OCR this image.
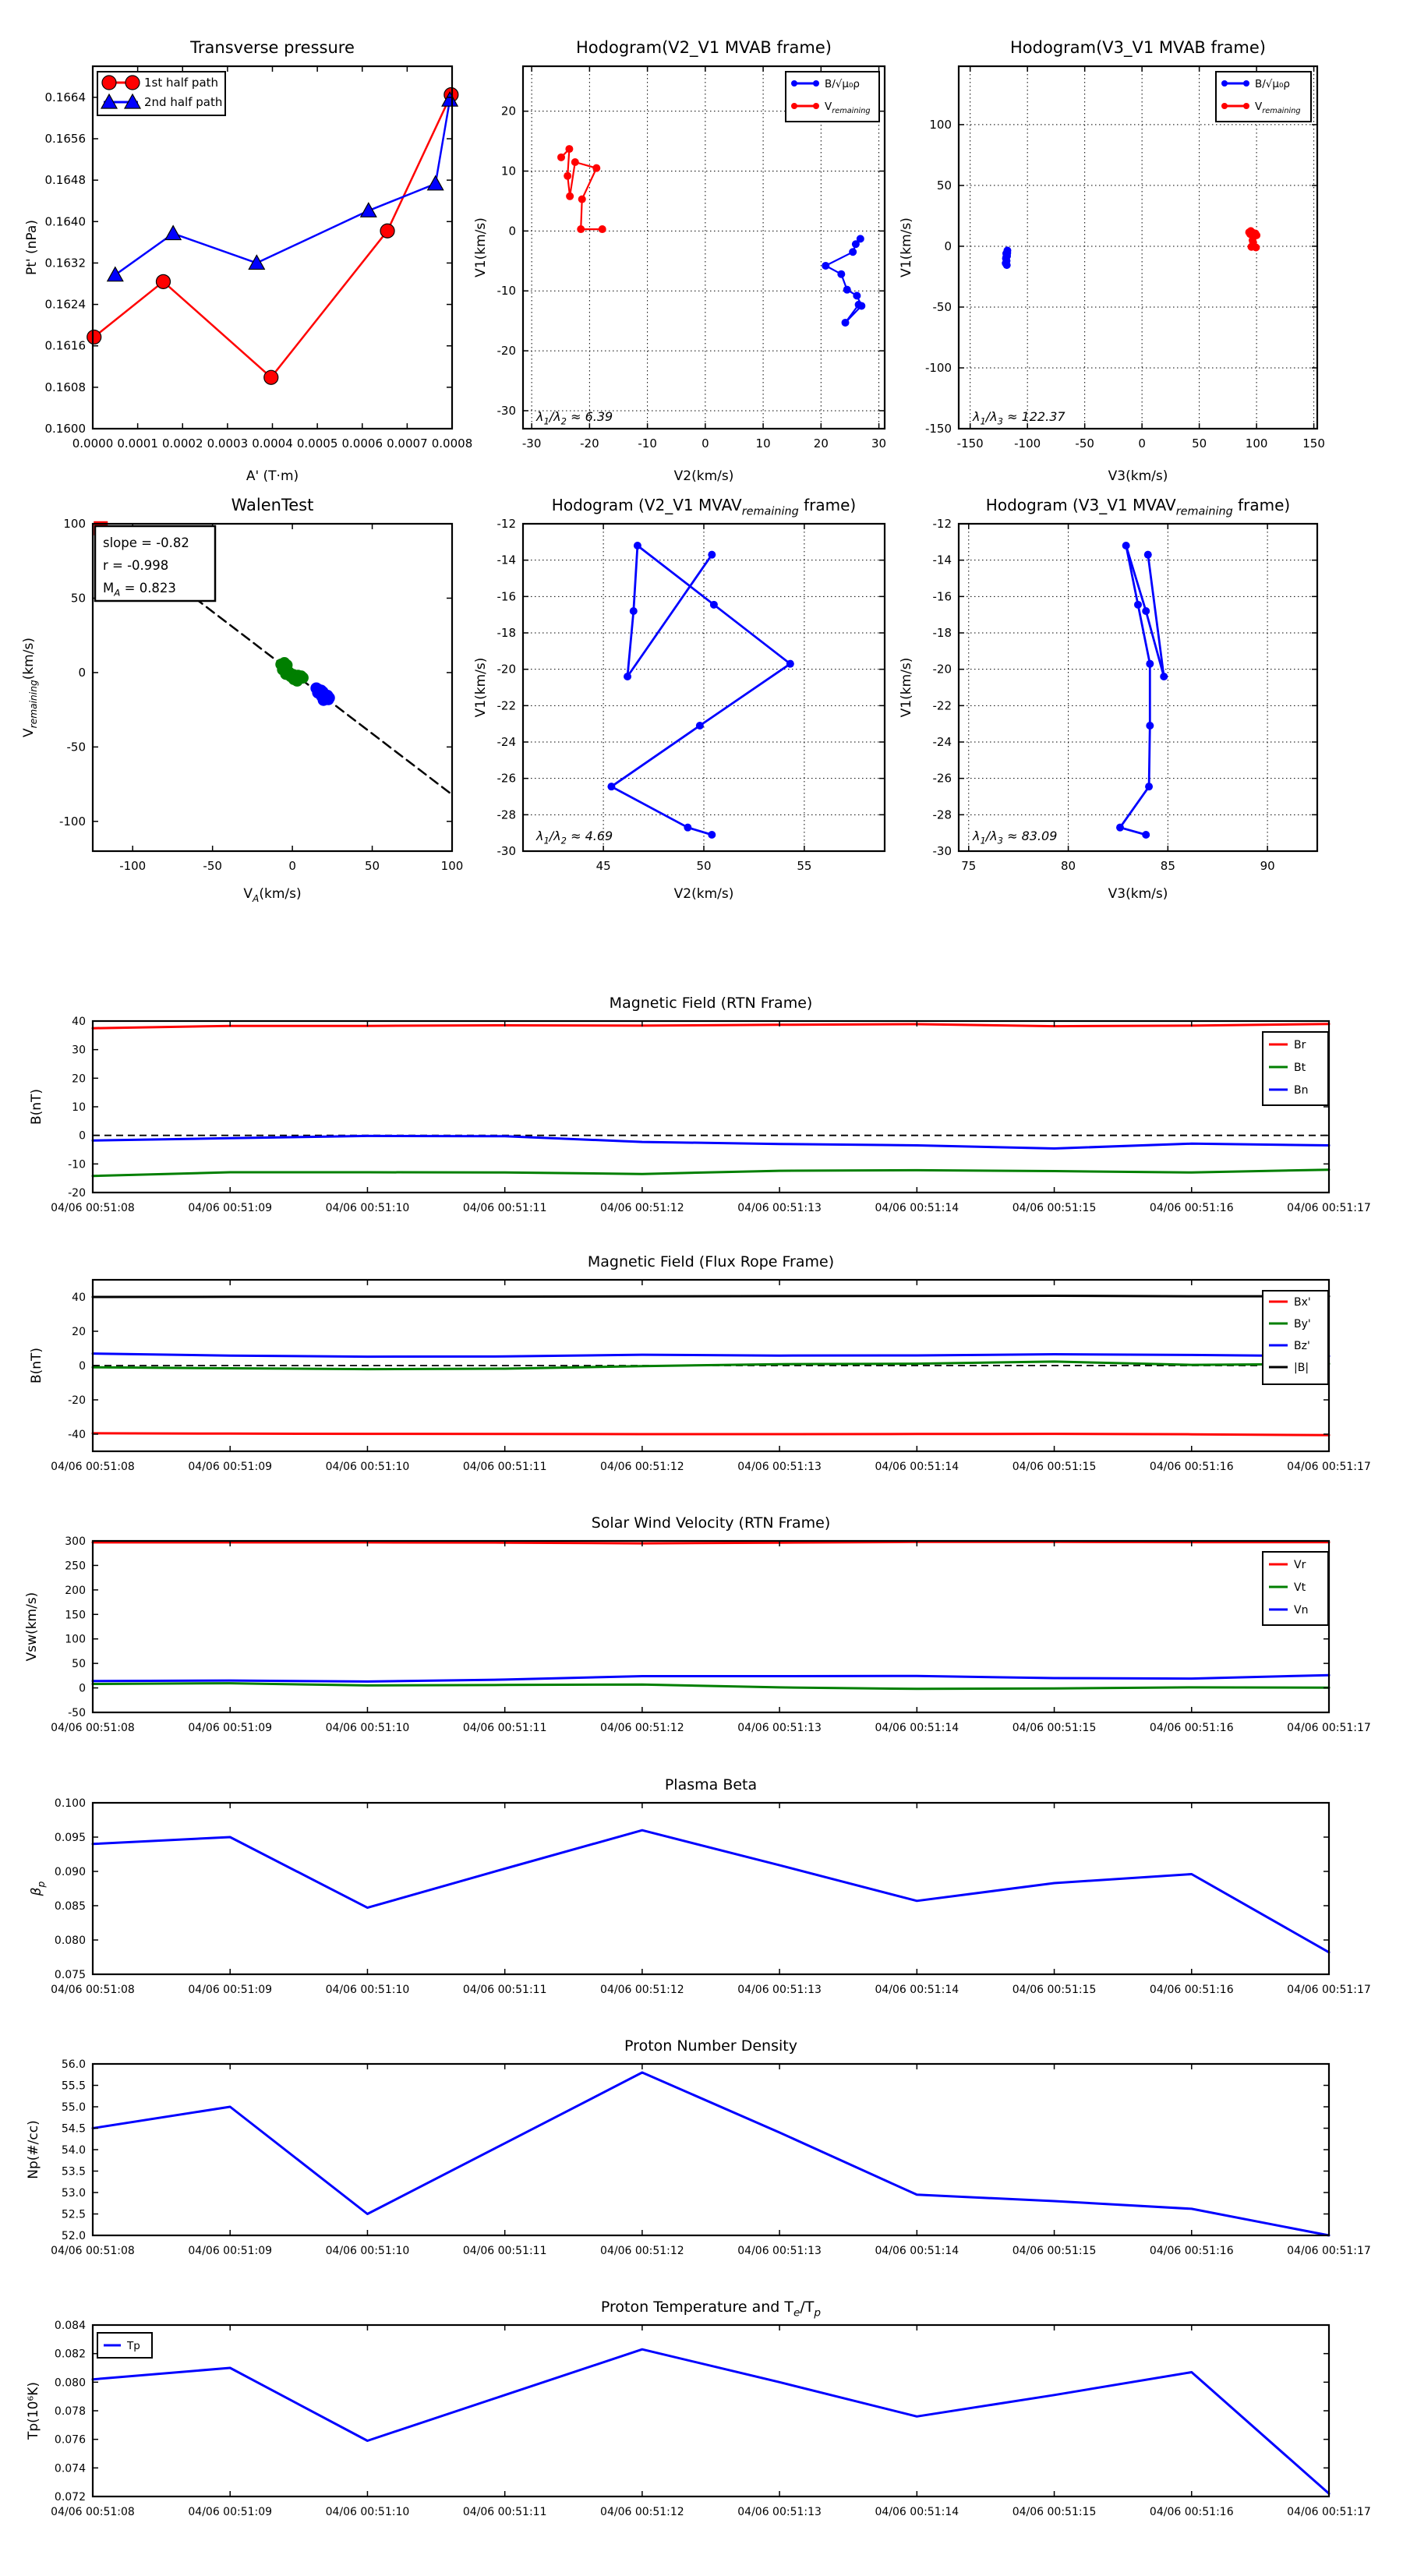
0.0000 0.0001 0.0002 0.0003 0.0004 0.0005 0.0006 0.0007 0.0008
0.1600
0.1608
0.1616
0.1624
0.1632
0.1640
0.1648
0.1656
0.1664
Transverse pressure
A' (T·m)
Pt' (nPa)
1st half path
2nd half path
-30	-20	-10	0	10	20	30
20
10
0
-10
-20
-30
Hodogram(V2_V1 MVAB frame)
V2(km/s)
V1(km/s)
B/√μ₀ρ
$V_{remaining}$
$\lambda_1/\lambda_2 \approx 6.39$
-150	-100	-50	0	50	100	150
100
50
0
-50
-100
-150
Hodogram(V3_V1 MVAB frame)
V3(km/s)
V1(km/s)
B/√μ₀ρ
$V_{remaining}$
$\lambda_1/\lambda_3 \approx 122.37$
-100	-50	0	50	100
100
50
0
-50
-100
WalenTest
$V_A(km/s)$
$V_{remaining}(km/s)$
slope = -0.82
r = -0.998
$M_A = 0.823$
45	50	55
-12
-14
-16
-18
-20
-22
-24
-26
-28
-30
Hodogram (V2_V1 $MVAV_{remaining}$ frame)
V2(km/s)
V1(km/s)
$\lambda_1/\lambda_2 \approx 4.69$
75	80	85	90
-12
-14
-16
-18
-20
-22
-24
-26
-28
-30
Hodogram (V3_V1 $MVAV_{remaining}$ frame)
V3(km/s)
V1(km/s)
$\lambda_1/\lambda_3 \approx 83.09$
04/06 00:51:08	04/06 00:51:09	04/06 00:51:10	04/06 00:51:11	04/06 00:51:12	04/06 00:51:13	04/06 00:51:14	04/06 00:51:15	04/06 00:51:16	04/06 00:51:17
-20
-10
0
10
20
30
40
Magnetic Field (RTN Frame)
B(nT)
Br
Bt
Bn
04/06 00:51:08	04/06 00:51:09	04/06 00:51:10	04/06 00:51:11	04/06 00:51:12	04/06 00:51:13	04/06 00:51:14	04/06 00:51:15	04/06 00:51:16	04/06 00:51:17
-40
-20
0
20
40
Magnetic Field (Flux Rope Frame)
B(nT)
Bx'
By'
Bz'
|B|
04/06 00:51:08	04/06 00:51:09	04/06 00:51:10	04/06 00:51:11	04/06 00:51:12	04/06 00:51:13	04/06 00:51:14	04/06 00:51:15	04/06 00:51:16	04/06 00:51:17
-50
0
50
100
150
200
250
300
Solar Wind Velocity (RTN Frame)
Vsw(km/s)
Vr
Vt
Vn
04/06 00:51:08	04/06 00:51:09	04/06 00:51:10	04/06 00:51:11	04/06 00:51:12	04/06 00:51:13	04/06 00:51:14	04/06 00:51:15	04/06 00:51:16	04/06 00:51:17
0.075
0.080
0.085
0.090
0.095
0.100
Plasma Beta
$\beta_p$
04/06 00:51:08	04/06 00:51:09	04/06 00:51:10	04/06 00:51:11	04/06 00:51:12	04/06 00:51:13	04/06 00:51:14	04/06 00:51:15	04/06 00:51:16	04/06 00:51:17
52.0
52.5
53.0
53.5
54.0
54.5
55.0
55.5
56.0
Proton Number Density
Np(#/cc)
04/06 00:51:08	04/06 00:51:09	04/06 00:51:10	04/06 00:51:11	04/06 00:51:12	04/06 00:51:13	04/06 00:51:14	04/06 00:51:15	04/06 00:51:16	04/06 00:51:17
0.072
0.074
0.076
0.078
0.080
0.082
0.084
Proton Temperature and $T_e/T_p$
Tp(10⁶K)
Tp
